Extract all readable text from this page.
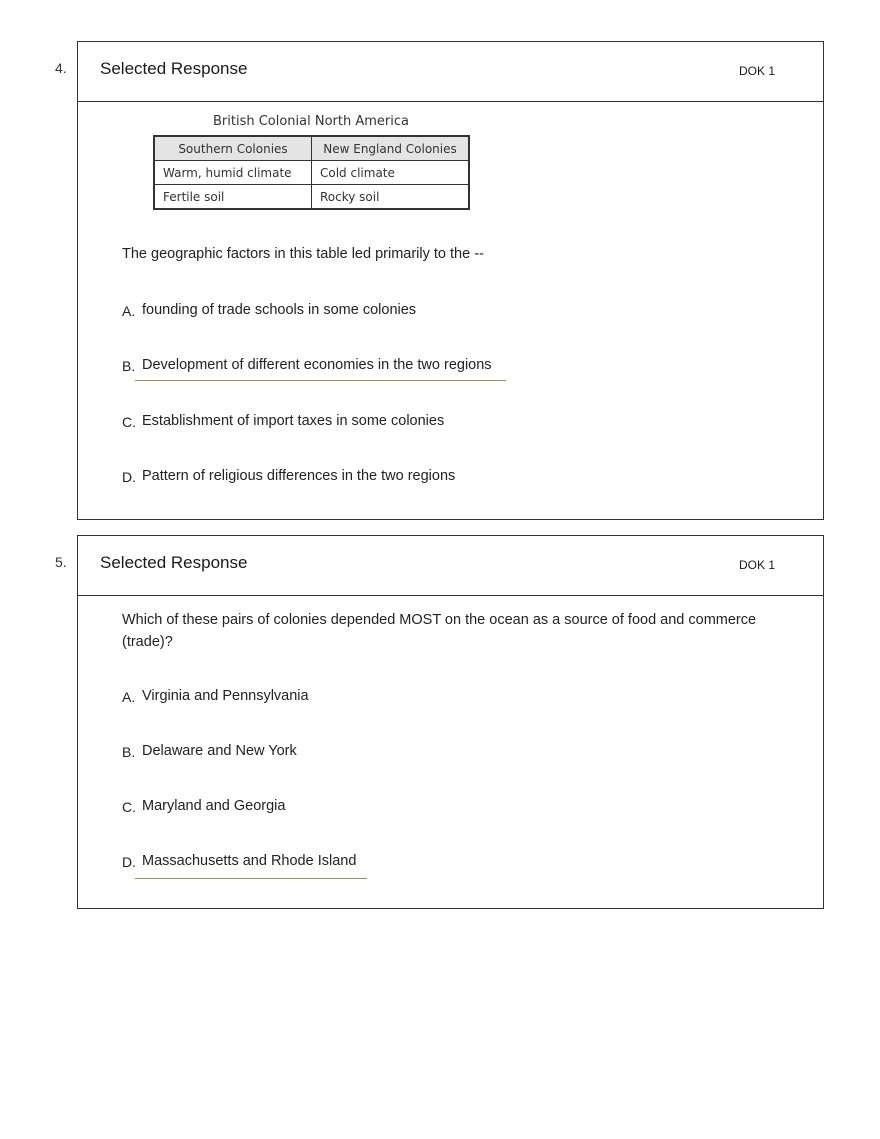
4. Selected Response	DOK 1
British Colonial North America
Southern Colonies	New England Colonies
Warm, humid climate	Cold climate
Fertile soil	Rocky soil
The geographic factors in this table led primarily to the --
A. founding of trade schools in some colonies
B. Development of different economies in the two regions
C. Establishment of import taxes in some colonies
D. Pattern of religious differences in the two regions
5. Selected Response	DOK 1
Which of these pairs of colonies depended MOST on the ocean as a source of food and commerce (trade)?
A. Virginia and Pennsylvania
B. Delaware and New York
C. Maryland and Georgia
D. Massachusetts and Rhode Island
